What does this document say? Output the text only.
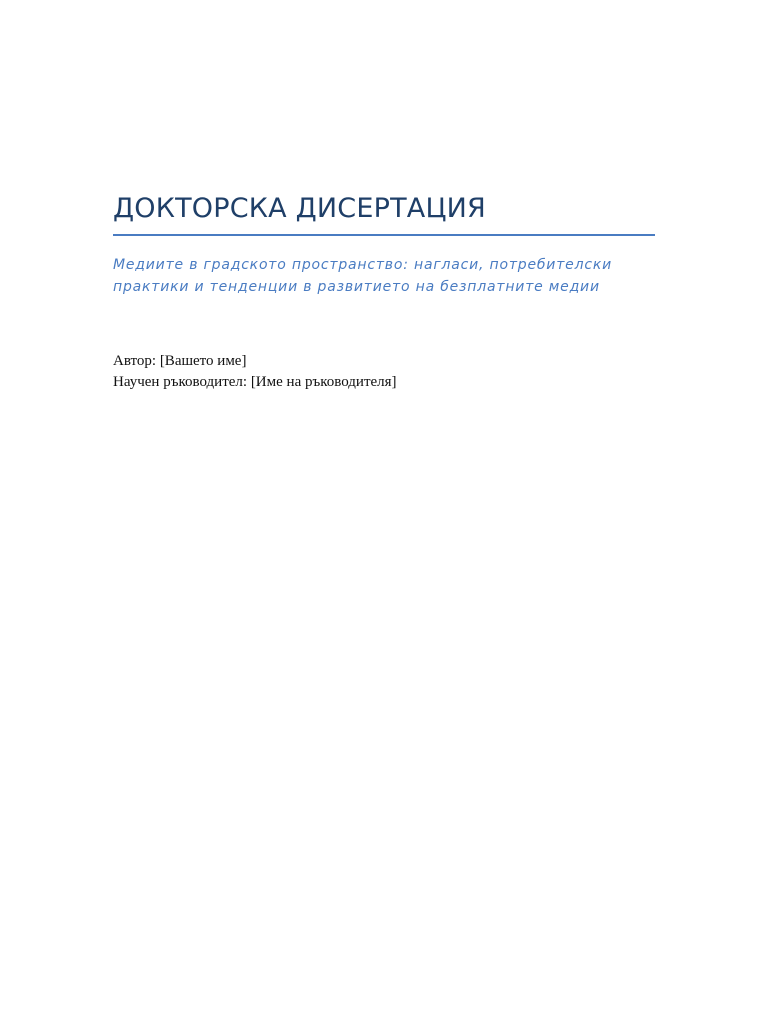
ДОКТОРСКА ДИСЕРТАЦИЯ

Медиите в градското пространство: нагласи, потребителски
практики и тенденции в развитието на безплатните медии

Автор: [Вашето име]
Научен ръководител: [Име на ръководителя]
